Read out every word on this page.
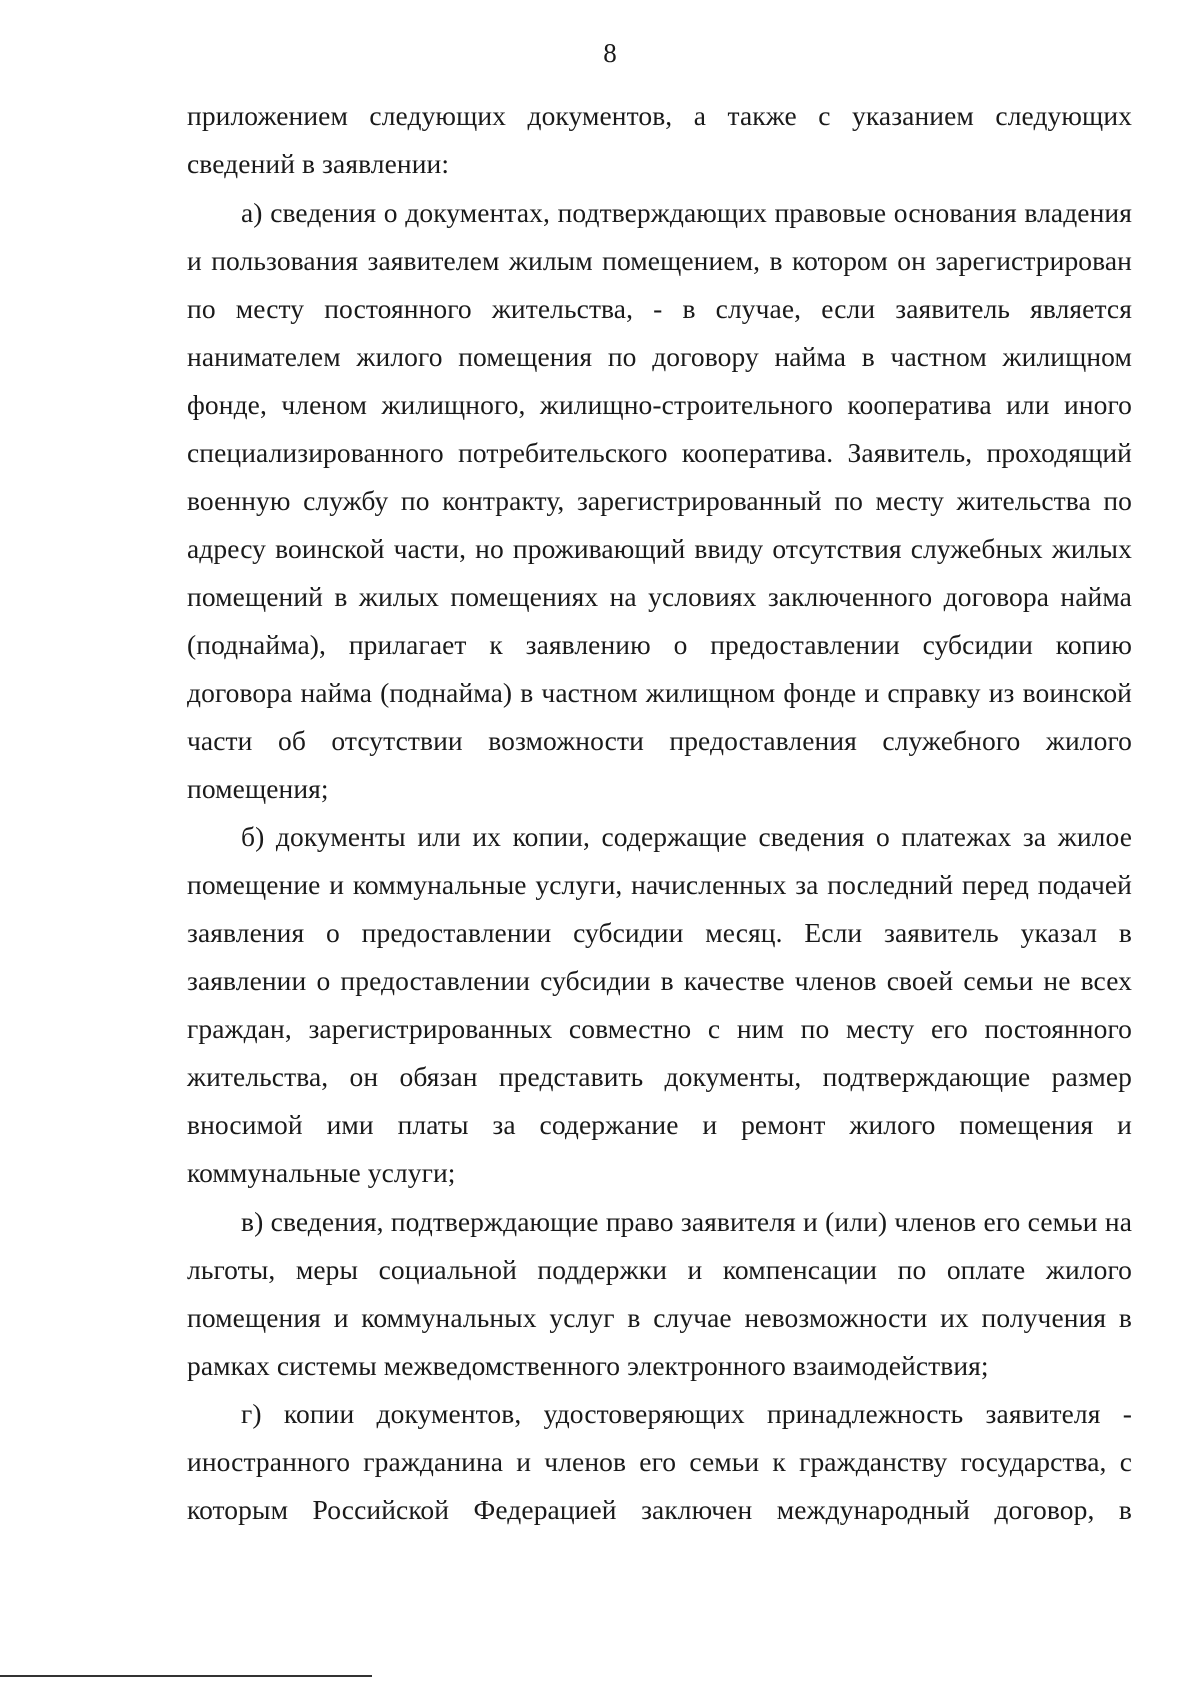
8

приложением следующих документов, а также с указанием следующих сведений в заявлении:

а) сведения о документах, подтверждающих правовые основания владения и пользования заявителем жилым помещением, в котором он зарегистрирован по месту постоянного жительства, - в случае, если заявитель является нанимателем жилого помещения по договору найма в частном жилищном фонде, членом жилищного, жилищно-строительного кооператива или иного специализированного потребительского кооператива. Заявитель, проходящий военную службу по контракту, зарегистрированный по месту жительства по адресу воинской части, но проживающий ввиду отсутствия служебных жилых помещений в жилых помещениях на условиях заключенного договора найма (поднайма), прилагает к заявлению о предоставлении субсидии копию договора найма (поднайма) в частном жилищном фонде и справку из воинской части об отсутствии возможности предоставления служебного жилого помещения;

б) документы или их копии, содержащие сведения о платежах за жилое помещение и коммунальные услуги, начисленных за последний перед подачей заявления о предоставлении субсидии месяц. Если заявитель указал в заявлении о предоставлении субсидии в качестве членов своей семьи не всех граждан, зарегистрированных совместно с ним по месту его постоянного жительства, он обязан представить документы, подтверждающие размер вносимой ими платы за содержание и ремонт жилого помещения и коммунальные услуги;

в) сведения, подтверждающие право заявителя и (или) членов его семьи на льготы, меры социальной поддержки и компенсации по оплате жилого помещения и коммунальных услуг в случае невозможности их получения в рамках системы межведомственного электронного взаимодействия;

г) копии документов, удостоверяющих принадлежность заявителя - иностранного гражданина и членов его семьи к гражданству государства, с которым Российской Федерацией заключен международный договор, в
